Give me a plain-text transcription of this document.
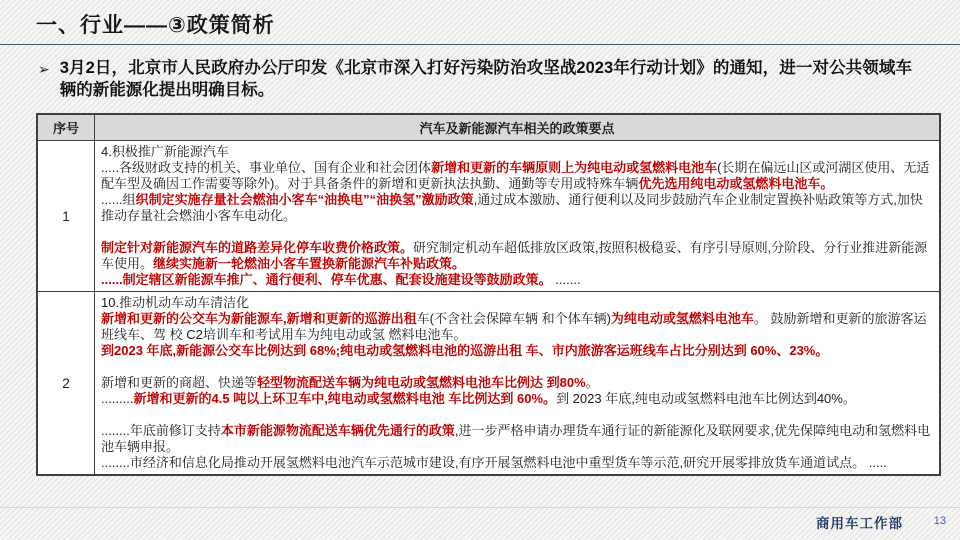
一、行业——③政策简析
➢ 3月2日，北京市人民政府办公厅印发《北京市深入打好污染防治攻坚战2023年行动计划》的通知，进一对公共领域车辆的新能源化提出明确目标。
序号	汽车及新能源汽车相关的政策要点
1
4.积极推广新能源汽车
.....各级财政支持的机关、事业单位、国有企业和社会团体新增和更新的车辆原则上为纯电动或氢燃料电池车(长期在偏远山区或河湖区使用、无适配车型及确因工作需要等除外)。对于具备条件的新增和更新执法执勤、通勤等专用或特殊车辆优先选用纯电动或氢燃料电池车。
......组织制定实施存量社会燃油小客车“油换电”“油换氢”激励政策,通过成本激励、通行便利以及同步鼓励汽车企业制定置换补贴政策等方式,加快推动存量社会燃油小客车电动化。
制定针对新能源汽车的道路差异化停车收费价格政策。研究制定机动车超低排放区政策,按照积极稳妥、有序引导原则,分阶段、分行业推进新能源车使用。继续实施新一轮燃油小客车置换新能源汽车补贴政策。
......制定辖区新能源车推广、通行便利、停车优惠、配套设施建设等鼓励政策。 .......
2
10.推动机动车动车清洁化
新增和更新的公交车为新能源车,新增和更新的巡游出租车(不含社会保障车辆 和个体车辆)为纯电动或氢燃料电池车。 鼓励新增和更新的旅游客运班线车、驾 校 C2培训车和考试用车为纯电动或氢 燃料电池车。
到2023 年底,新能源公交车比例达到 68%;纯电动或氢燃料电池的巡游出租 车、市内旅游客运班线车占比分别达到 60%、23%。
新增和更新的商超、快递等轻型物流配送车辆为纯电动或氢燃料电池车比例达 到80%。
.........新增和更新的4.5 吨以上环卫车中,纯电动或氢燃料电池 车比例达到 60%。到 2023 年底,纯电动或氢燃料电池车比例达到40%。
........年底前修订支持本市新能源物流配送车辆优先通行的政策,进一步严格申请办理货车通行证的新能源化及联网要求,优先保障纯电动和氢燃料电池车辆申报。
........市经济和信息化局推动开展氢燃料电池汽车示范城市建设,有序开展氢燃料电池中重型货车等示范,研究开展零排放货车通道试点。 .....
商用车工作部	13
